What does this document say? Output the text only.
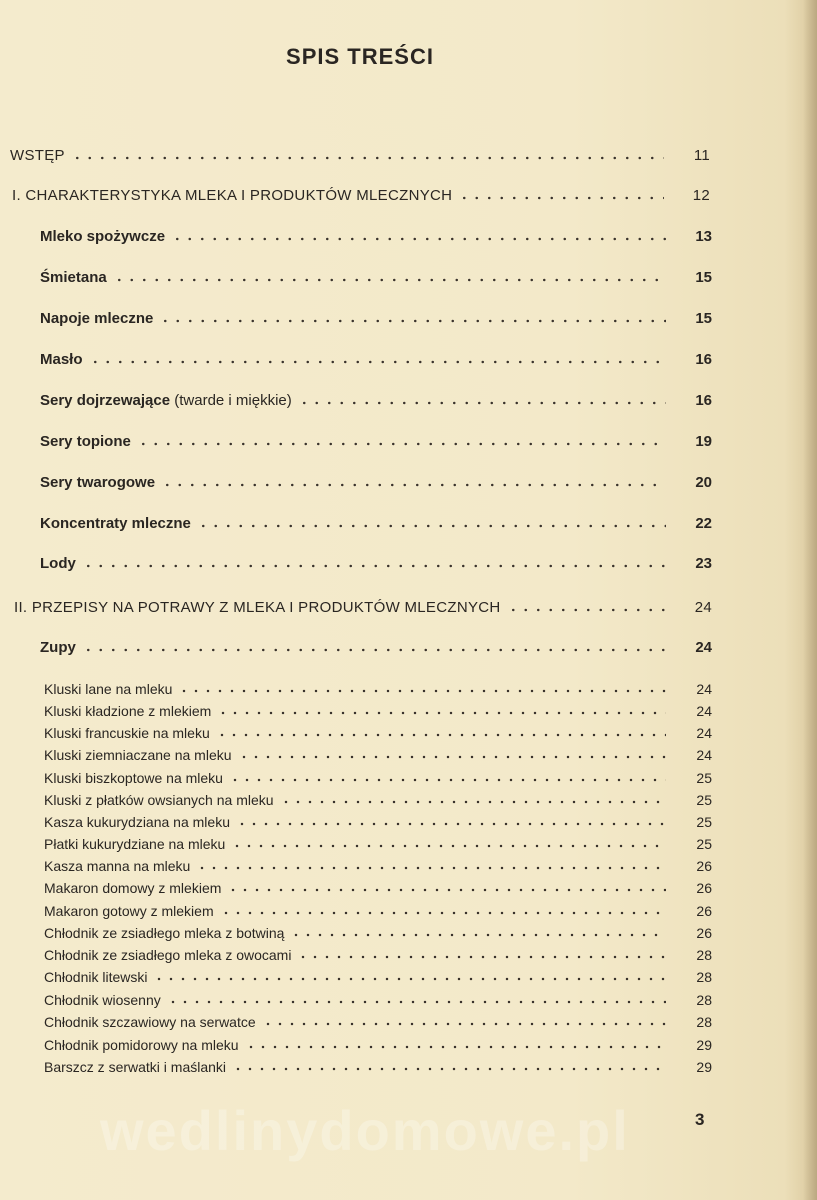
SPIS TREŚCI
WSTĘP	11
I. CHARAKTERYSTYKA MLEKA I PRODUKTÓW MLECZNYCH	12
Mleko spożywcze	13
Śmietana	15
Napoje mleczne	15
Masło	16
Sery dojrzewające (twarde i miękkie)	16
Sery topione	19
Sery twarogowe	20
Koncentraty mleczne	22
Lody	23
II. PRZEPISY NA POTRAWY Z MLEKA I PRODUKTÓW MLECZNYCH	24
Zupy	24
Kluski lane na mleku	24
Kluski kładzione z mlekiem	24
Kluski francuskie na mleku	24
Kluski ziemniaczane na mleku	24
Kluski biszkoptowe na mleku	25
Kluski z płatków owsianych na mleku	25
Kasza kukurydziana na mleku	25
Płatki kukurydziane na mleku	25
Kasza manna na mleku	26
Makaron domowy z mlekiem	26
Makaron gotowy z mlekiem	26
Chłodnik ze zsiadłego mleka z botwiną	26
Chłodnik ze zsiadłego mleka z owocami	28
Chłodnik litewski	28
Chłodnik wiosenny	28
Chłodnik szczawiowy na serwatce	28
Chłodnik pomidorowy na mleku	29
Barszcz z serwatki i maślanki	29
wedlinydomowe.pl	3
